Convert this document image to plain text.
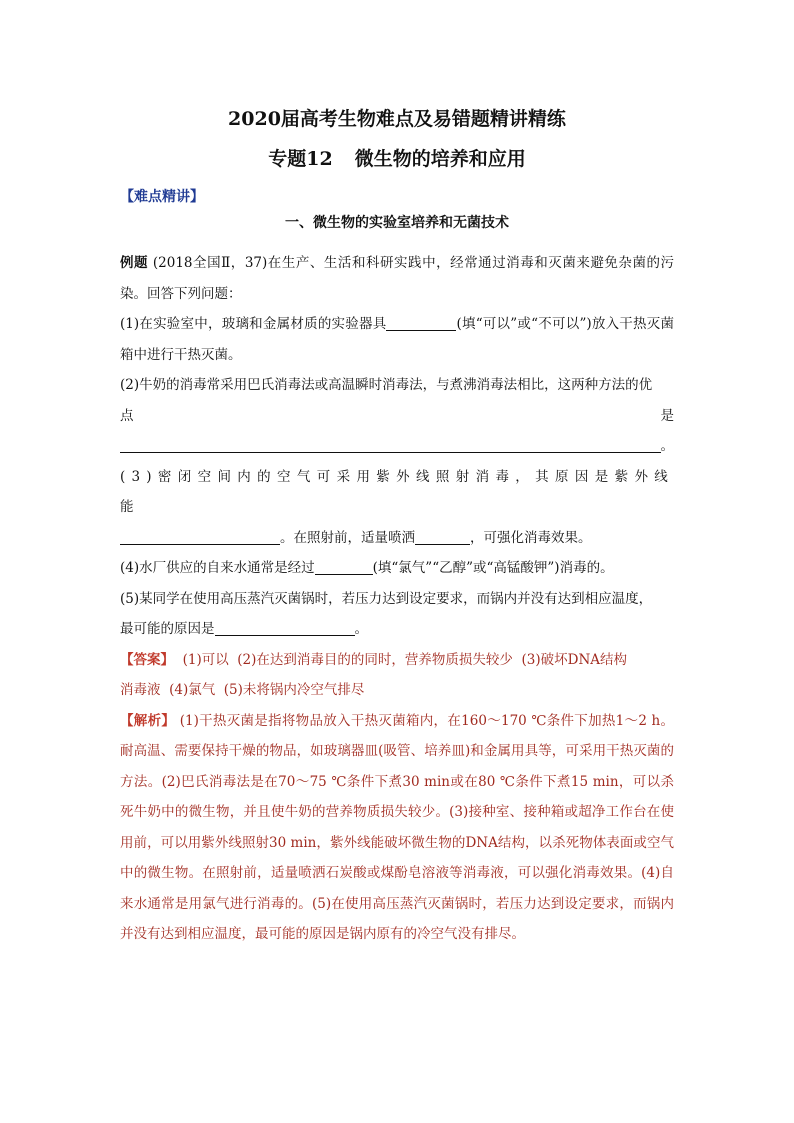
2020届高考生物难点及易错题精讲精练
专题12 微生物的培养和应用
【难点精讲】
一、微生物的实验室培养和无菌技术

例题 (2018全国Ⅱ，37)在生产、生活和科研实践中，经常通过消毒和灭菌来避免杂菌的污染。回答下列问题：

(1)在实验室中，玻璃和金属材质的实验器具	(填“可以”或“不可以”)放入干热灭菌箱中进行干热灭菌。

(2)牛奶的消毒常采用巴氏消毒法或高温瞬时消毒法，与煮沸消毒法相比，这两种方法的优

点	是
。

(3)密闭空间内的空气可采用紫外线照射消毒，其原因是紫外线能

。在照射前，适量喷洒	，可强化消毒效果。

(4)水厂供应的自来水通常是经过	(填“氯气”“乙醇”或“高锰酸钾”)消毒的。

(5)某同学在使用高压蒸汽灭菌锅时，若压力达到设定要求，而锅内并没有达到相应温度，

最可能的原因是	。

【答案】  (1)可以  (2)在达到消毒目的的同时，营养物质损失较少  (3)破坏DNA结构

消毒液  (4)氯气  (5)未将锅内冷空气排尽

【解析】 (1)干热灭菌是指将物品放入干热灭菌箱内，在160～170 ℃条件下加热1～2 h。耐高温、需要保持干燥的物品，如玻璃器皿(吸管、培养皿)和金属用具等，可采用干热灭菌的方法。(2)巴氏消毒法是在70～75 ℃条件下煮30 min或在80 ℃条件下煮15 min，可以杀死牛奶中的微生物，并且使牛奶的营养物质损失较少。(3)接种室、接种箱或超净工作台在使用前，可以用紫外线照射30 min，紫外线能破坏微生物的DNA结构，以杀死物体表面或空气中的微生物。在照射前，适量喷洒石炭酸或煤酚皂溶液等消毒液，可以强化消毒效果。(4)自来水通常是用氯气进行消毒的。(5)在使用高压蒸汽灭菌锅时，若压力达到设定要求，而锅内并没有达到相应温度，最可能的原因是锅内原有的冷空气没有排尽。
